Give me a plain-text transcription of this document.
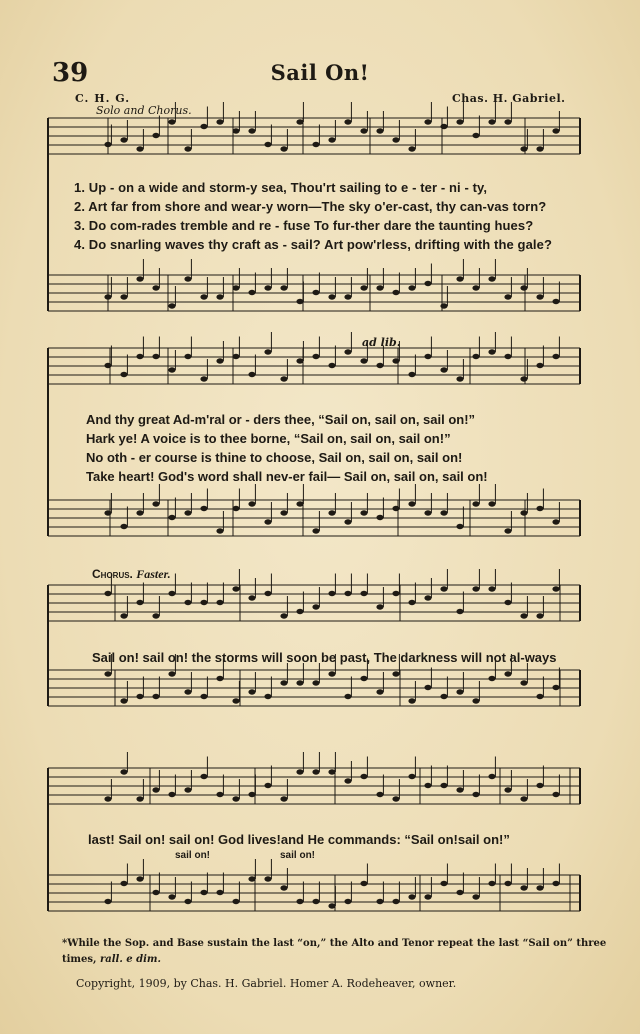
39	Sail On!
C. H. G.	Chas. H. Gabriel.
Solo and Chorus.
1. Up - on a wide and storm-y sea, Thou'rt sailing to e - ter - ni - ty,
2. Art far from shore and wear-y worn—The sky o'er-cast, thy can-vas torn?
3. Do com-rades tremble and re - fuse To fur-ther dare the taunting hues?
4. Do snarling waves thy craft as - sail? Art pow'rless, drifting with the gale?
ad lib.
And thy great Ad-m'ral or - ders thee, “Sail on, sail on, sail on!”
Hark ye! A voice is to thee borne, “Sail on, sail on, sail on!”
No oth - er course is thine to choose, Sail on, sail on, sail on!
Take heart! God's word shall nev-er fail— Sail on, sail on, sail on!
Chorus. Faster.
Sail on! sail on! the storms will soon be past, The darkness will not al-ways
last! Sail on! sail on! God lives!and He commands: “Sail on!sail on!”
sail on!	sail on!
*While the Sop. and Base sustain the last “on,” the Alto and Tenor repeat the last “Sail on” three
times, rall. e dim.
Copyright, 1909, by Chas. H. Gabriel. Homer A. Rodeheaver, owner.
